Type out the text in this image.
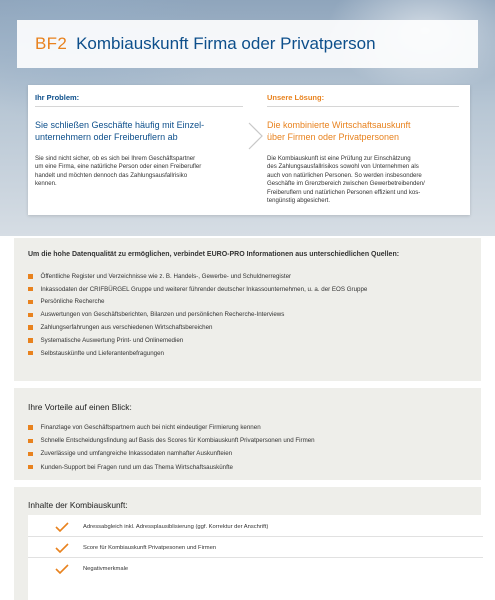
BF2 Kombiauskunft Firma oder Privatperson
Ihr Problem:
Sie schließen Geschäfte häufig mit Einzel-
unternehmern oder Freiberuflern ab
Sie sind nicht sicher, ob es sich bei Ihrem Geschäftspartner
um eine Firma, eine natürliche Person oder einen Freiberufler
handelt und möchten dennoch das Zahlungsausfallrisiko
kennen.
Unsere Lösung:
Die kombinierte Wirtschaftsauskunft
über Firmen oder Privatpersonen
Die Kombiauskunft ist eine Prüfung zur Einschätzung
des Zahlungsausfallrisikos sowohl von Unternehmen als
auch von natürlichen Personen. So werden insbesondere
Geschäfte im Grenzbereich zwischen Gewerbetreibenden/
Freiberuflern und natürlichen Personen effizient und kos-
tengünstig abgesichert.
Um die hohe Datenqualität zu ermöglichen, verbindet EURO-PRO Informationen aus unterschiedlichen Quellen:
Öffentliche Register und Verzeichnisse wie z. B. Handels-, Gewerbe- und Schuldnerregister
Inkassodaten der CRIFBÜRGEL Gruppe und weiterer führender deutscher Inkassounternehmen, u. a. der EOS Gruppe
Persönliche Recherche
Auswertungen von Geschäftsberichten, Bilanzen und persönlichen Recherche-Interviews
Zahlungserfahrungen aus verschiedenen Wirtschaftsbereichen
Systematische Auswertung Print- und Onlinemedien
Selbstauskünfte und Lieferantenbefragungen
Ihre Vorteile auf einen Blick:
Finanzlage von Geschäftspartnern auch bei nicht eindeutiger Firmierung kennen
Schnelle Entscheidungsfindung auf Basis des Scores für Kombiauskunft Privatpersonen und Firmen
Zuverlässige und umfangreiche Inkassodaten namhafter Auskunfteien
Kunden-Support bei Fragen rund um das Thema Wirtschaftsauskünfte
Inhalte der Kombiauskunft:
Adressabgleich inkl. Adressplausiblisierung (ggf. Korrektur der Anschrift)
Score für Kombiauskunft Privatpesonen und Firmen
Negativmerkmale
